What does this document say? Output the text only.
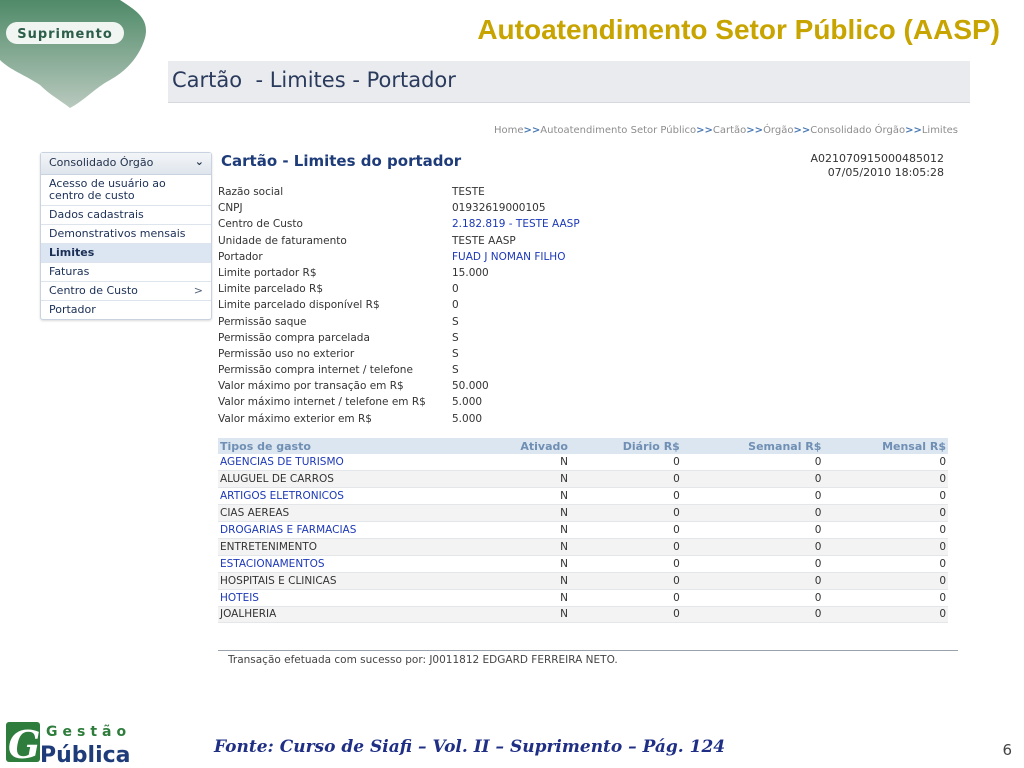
Suprimento	Autoatendimento Setor Público (AASP)
Cartão  - Limites - Portador
Home>>Autoatendimento Setor Público>>Cartão>>Órgão>>Consolidado Órgão>>Limites
Consolidado Órgão	⌄
Acesso de usuário ao centro de custo
Dados cadastrais
Demonstrativos mensais
Limites
Faturas
Centro de Custo	>
Portador
Cartão - Limites do portador	A021070915000485012
07/05/2010 18:05:28
Razão social	TESTE
CNPJ	01932619000105
Centro de Custo	2.182.819 - TESTE AASP
Unidade de faturamento	TESTE AASP
Portador	FUAD J NOMAN FILHO
Limite portador R$	15.000
Limite parcelado R$	0
Limite parcelado disponível R$	0
Permissão saque	S
Permissão compra parcelada	S
Permissão uso no exterior	S
Permissão compra internet / telefone	S
Valor máximo por transação em R$	50.000
Valor máximo internet / telefone em R$ 5.000
Valor máximo exterior em R$	5.000
Tipos de gasto	Ativado	Diário R$	Semanal R$	Mensal R$
AGENCIAS DE TURISMO	N	0	0	0
ALUGUEL DE CARROS	N	0	0	0
ARTIGOS ELETRONICOS	N	0	0	0
CIAS AEREAS	N	0	0	0
DROGARIAS E FARMACIAS	N	0	0	0
ENTRETENIMENTO	N	0	0	0
ESTACIONAMENTOS	N	0	0	0
HOSPITAIS E CLINICAS	N	0	0	0
HOTEIS	N	0	0	0
JOALHERIA	N	0	0	0
Transação efetuada com sucesso por: J0011812 EDGARD FERREIRA NETO.
G Gestão
Pública	Fonte: Curso de Siafi – Vol. II – Suprimento – Pág. 124	6
